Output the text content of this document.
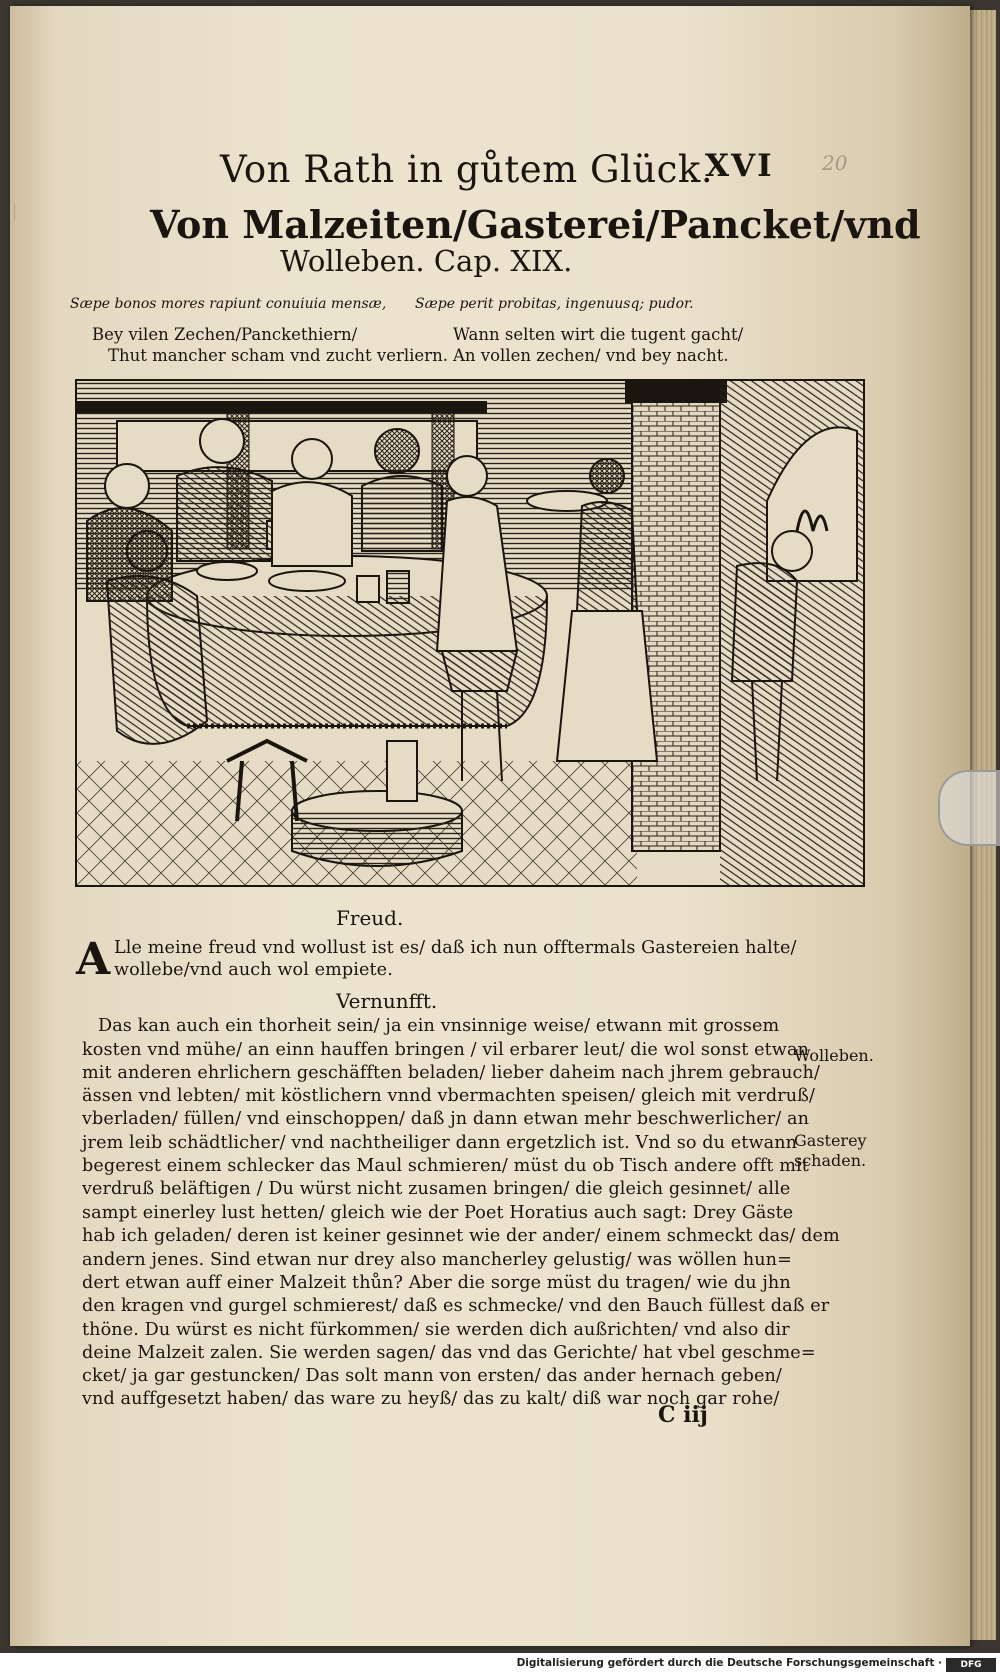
|
Von Rath in gůtem Glück.
XVI 20
Von Malzeiten/Gasterei/Pancket/vnd
Wolleben. Cap. XIX.
Sæpe bonos mores rapiunt conuiuia mensæ, Sæpe perit probitas, ingenuusq; pudor.
Bey vilen Zechen/Panckethiern/
Thut mancher scham vnd zucht verliern.
Wann selten wirt die tugent gacht/
An vollen zechen/ vnd bey nacht.
Freud.
A Lle meine freud vnd wollust ist es/ daß ich nun offtermals Gastereien halte/
wollebe/vnd auch wol empiete.
Vernunfft.
Das kan auch ein thorheit sein/ ja ein vnsinnige weise/ etwann mit grossem
kosten vnd mühe/ an einn hauffen bringen / vil erbarer leut/ die wol sonst etwan
mit anderen ehrlichern geschäfften beladen/ lieber daheim nach jhrem gebrauch/
ässen vnd lebten/ mit köstlichern vnnd vbermachten speisen/ gleich mit verdruß/
vberladen/ füllen/ vnd einschoppen/ daß jn dann etwan mehr beschwerlicher/ an
jrem leib schädtlicher/ vnd nachtheiliger dann ergetzlich ist. Vnd so du etwann
begerest einem schlecker das Maul schmieren/ müst du ob Tisch andere offt mit
verdruß beläftigen / Du würst nicht zusamen bringen/ die gleich gesinnet/ alle
sampt einerley lust hetten/ gleich wie der Poet Horatius auch sagt: Drey Gäste
hab ich geladen/ deren ist keiner gesinnet wie der ander/ einem schmeckt das/ dem
andern jenes. Sind etwan nur drey also mancherley gelustig/ was wöllen hun=
dert etwan auff einer Malzeit thůn? Aber die sorge müst du tragen/ wie du jhn
den kragen vnd gurgel schmierest/ daß es schmecke/ vnd den Bauch füllest daß er
thöne. Du würst es nicht fürkommen/ sie werden dich außrichten/ vnd also dir
deine Malzeit zalen. Sie werden sagen/ das vnd das Gerichte/ hat vbel geschme=
cket/ ja gar gestuncken/ Das solt mann von ersten/ das ander hernach geben/
vnd auffgesetzt haben/ das ware zu heyß/ das zu kalt/ diß war noch gar rohe/
Wolleben.
Gasterey
schaden.
C iij
Digitalisierung gefördert durch die Deutsche Forschungsgemeinschaft ·	DFG
